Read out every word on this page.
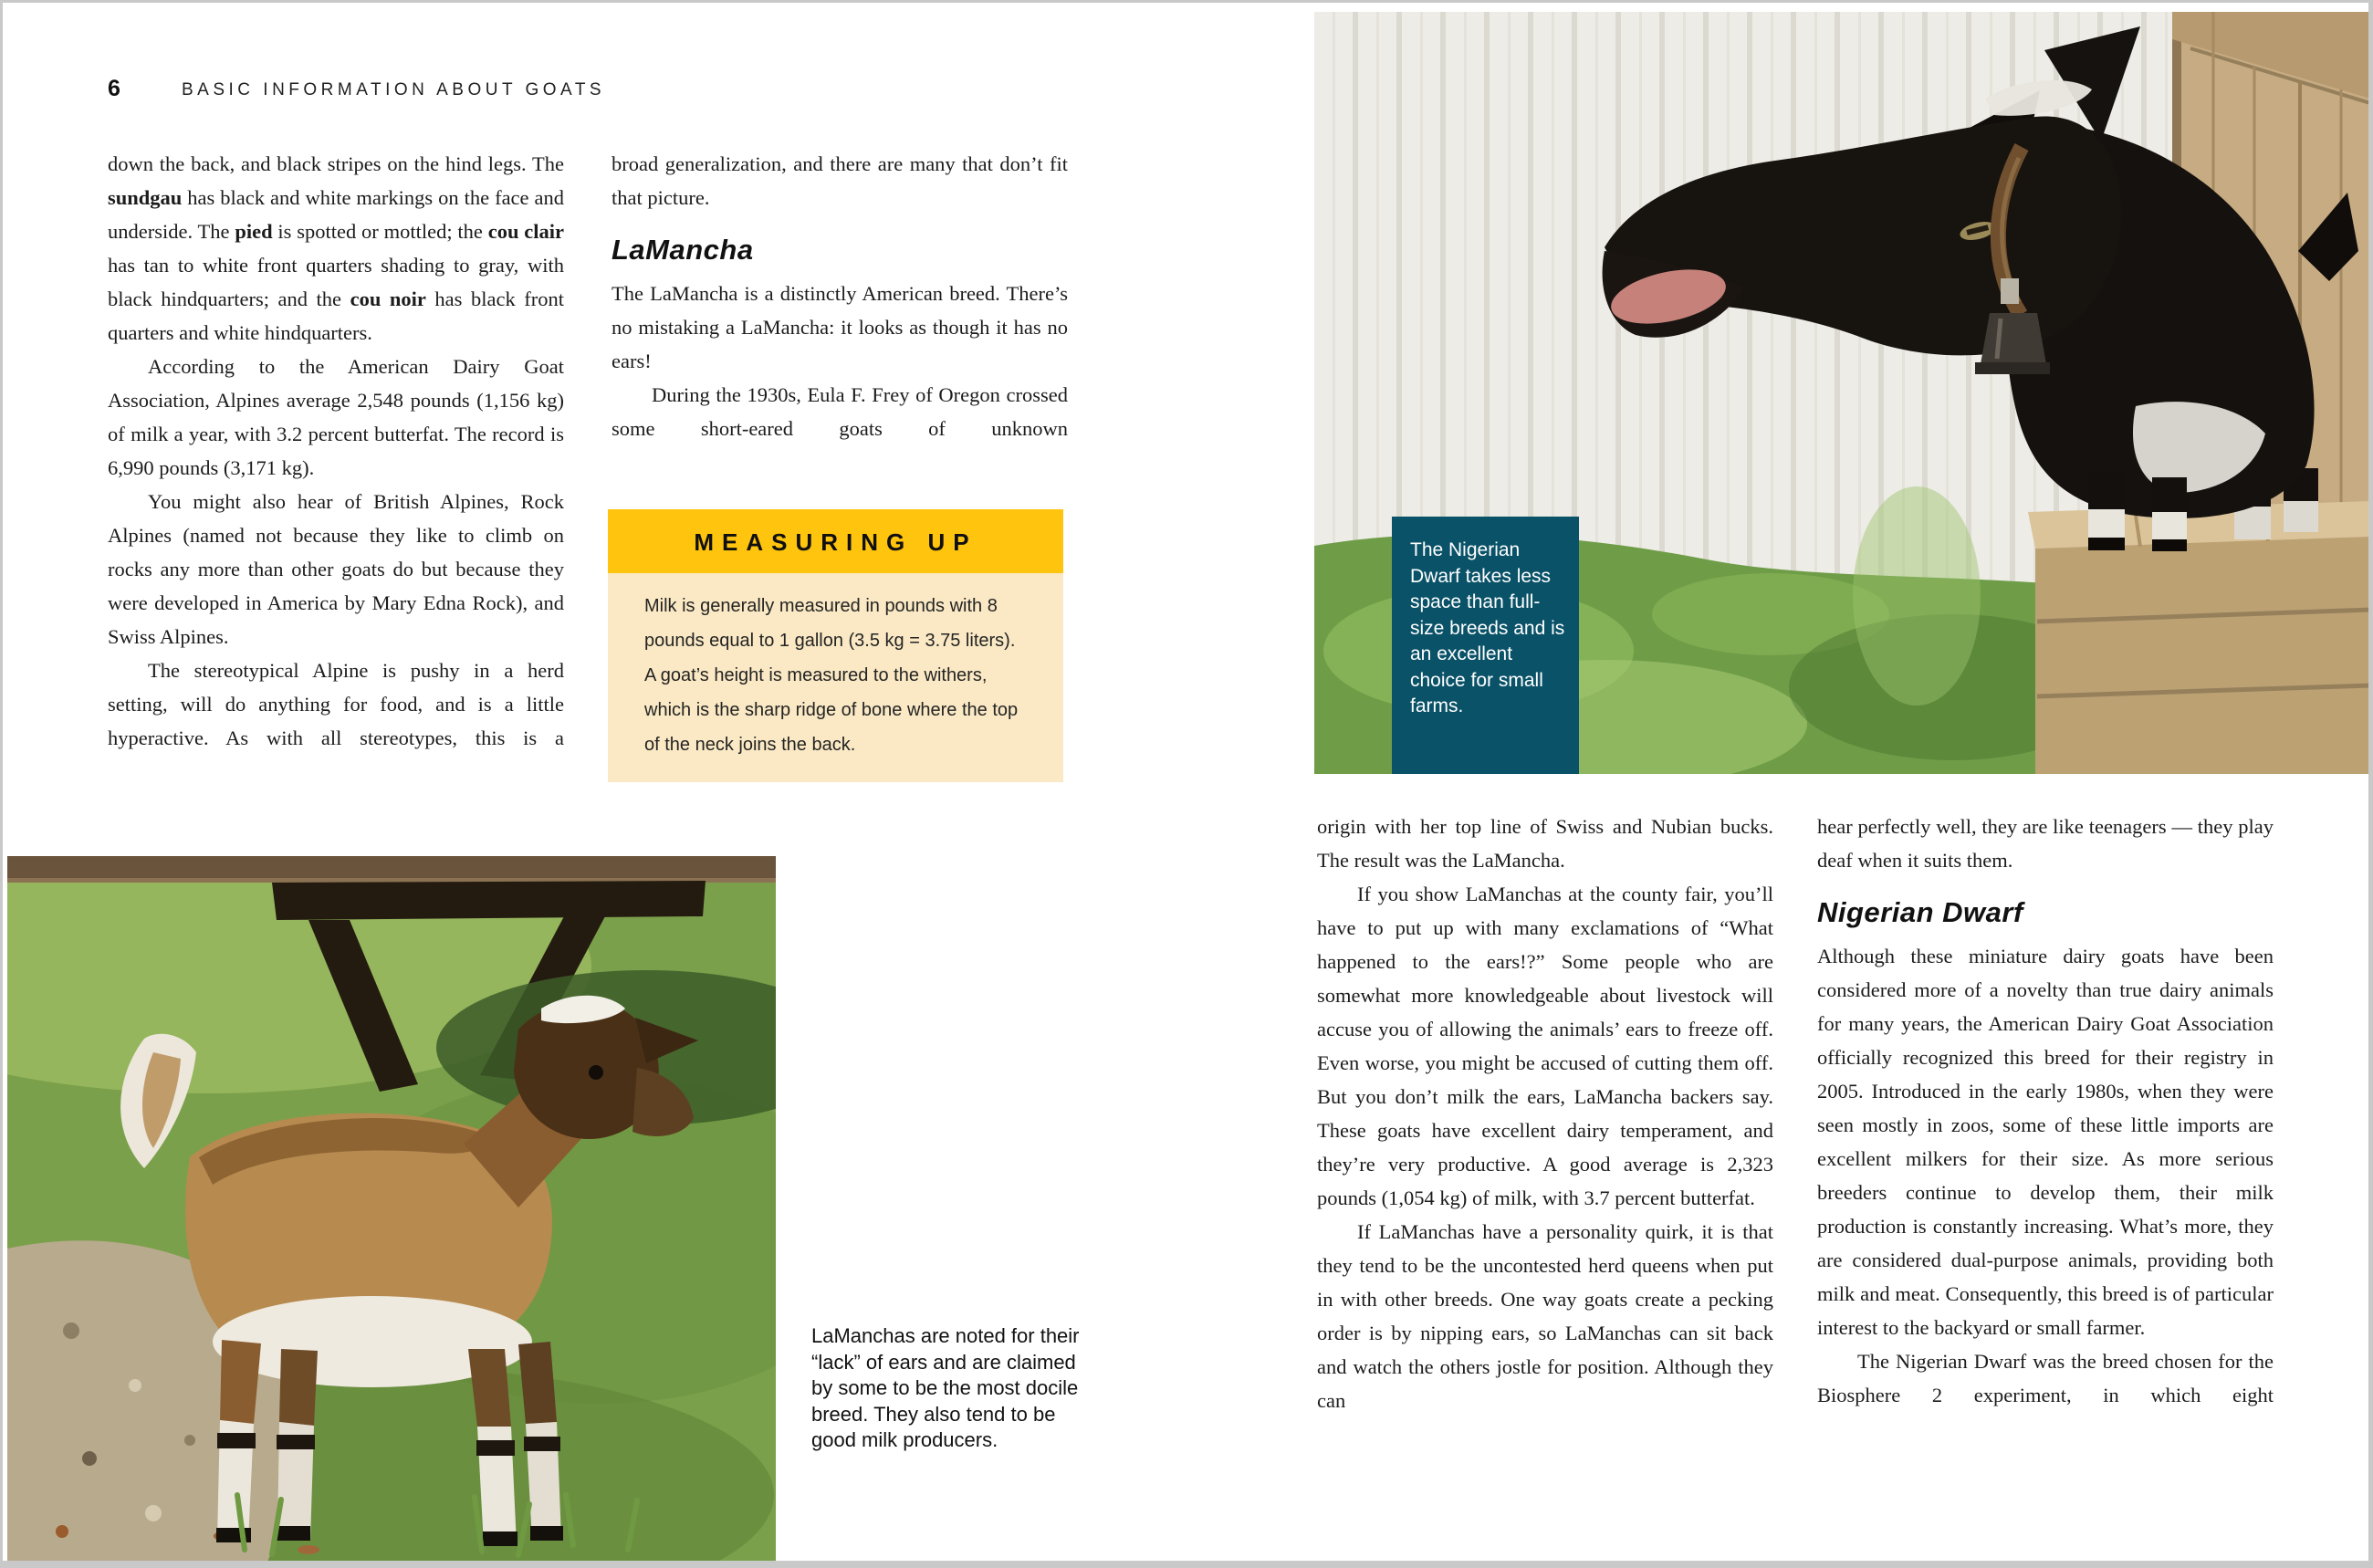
6	BASIC INFORMATION ABOUT GOATS

down the back, and black stripes on the hind legs. The sundgau has black and white markings on the face and underside. The pied is spotted or mottled; the cou clair has tan to white front quarters shading to gray, with black hindquarters; and the cou noir has black front quarters and white hindquarters.

According to the American Dairy Goat Association, Alpines average 2,548 pounds (1,156 kg) of milk a year, with 3.2 percent butterfat. The record is 6,990 pounds (3,171 kg).

You might also hear of British Alpines, Rock Alpines (named not because they like to climb on rocks any more than other goats do but because they were developed in America by Mary Edna Rock), and Swiss Alpines.

The stereotypical Alpine is pushy in a herd setting, will do anything for food, and is a little hyperactive. As with all stereotypes, this is a

broad generalization, and there are many that don’t fit that picture.

LaMancha

The LaMancha is a distinctly American breed. There’s no mistaking a LaMancha: it looks as though it has no ears!

During the 1930s, Eula F. Frey of Oregon crossed some short-eared goats of unknown

MEASURING UP
Milk is generally measured in pounds with 8 pounds equal to 1 gallon (3.5 kg = 3.75 liters). A goat’s height is measured to the withers, which is the sharp ridge of bone where the top of the neck joins the back.
LaManchas are noted for their “lack” of ears and are claimed by some to be the most docile breed. They also tend to be good milk producers.
The Nigerian Dwarf takes less space than full-size breeds and is an excellent choice for small farms.

origin with her top line of Swiss and Nubian bucks. The result was the LaMancha.

If you show LaManchas at the county fair, you’ll have to put up with many exclamations of “What happened to the ears!?” Some people who are somewhat more knowledgeable about livestock will accuse you of allowing the animals’ ears to freeze off. Even worse, you might be accused of cutting them off. But you don’t milk the ears, LaMancha backers say. These goats have excellent dairy temperament, and they’re very productive. A good average is 2,323 pounds (1,054 kg) of milk, with 3.7 percent butterfat.

If LaManchas have a personality quirk, it is that they tend to be the uncontested herd queens when put in with other breeds. One way goats create a pecking order is by nipping ears, so LaManchas can sit back and watch the others jostle for position. Although they can

hear perfectly well, they are like teenagers — they play deaf when it suits them.

Nigerian Dwarf

Although these miniature dairy goats have been considered more of a novelty than true dairy animals for many years, the American Dairy Goat Association officially recognized this breed for their registry in 2005. Introduced in the early 1980s, when they were seen mostly in zoos, some of these little imports are excellent milkers for their size. As more serious breeders continue to develop them, their milk production is constantly increasing. What’s more, they are considered dual-purpose animals, providing both milk and meat. Consequently, this breed is of particular interest to the backyard or small farmer.

The Nigerian Dwarf was the breed chosen for the Biosphere 2 experiment, in which eight
